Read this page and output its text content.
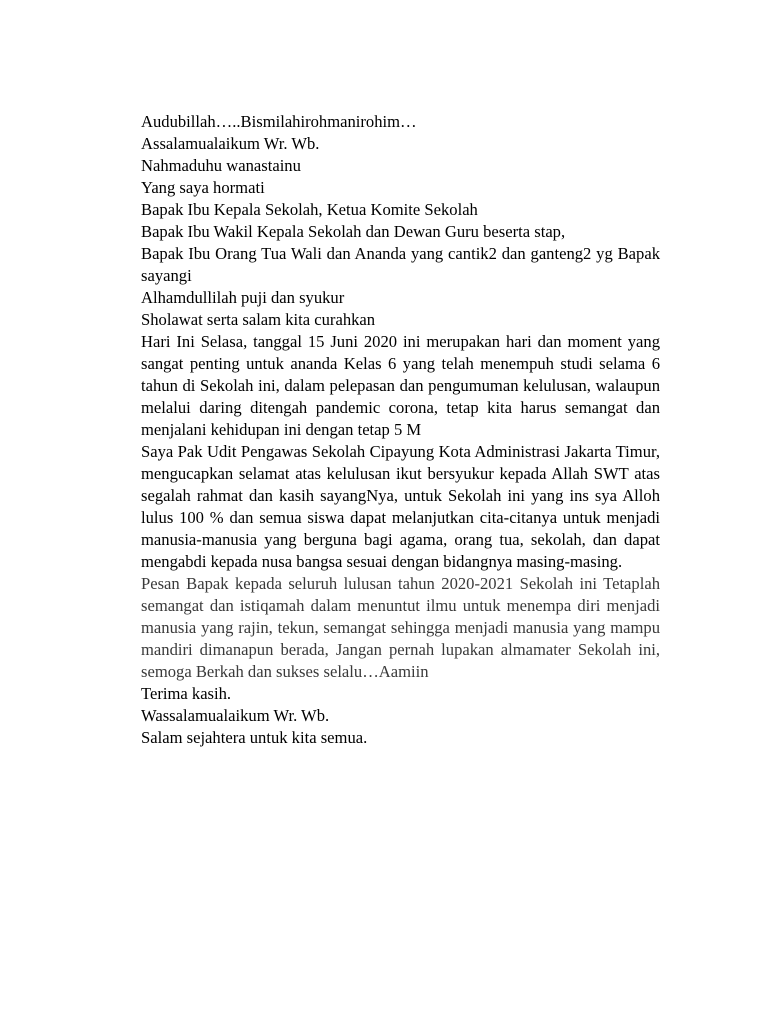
Audubillah…..Bismilahirohmanirohim…
Assalamualaikum Wr. Wb.
Nahmaduhu wanastainu
Yang saya hormati
Bapak Ibu Kepala Sekolah, Ketua Komite Sekolah
Bapak Ibu Wakil Kepala Sekolah dan Dewan Guru beserta stap,
Bapak Ibu Orang Tua Wali dan Ananda yang cantik2 dan ganteng2 yg Bapak sayangi
Alhamdullilah puji dan syukur
Sholawat serta salam kita curahkan
Hari Ini Selasa, tanggal 15 Juni 2020 ini merupakan hari dan moment yang sangat penting untuk ananda Kelas 6 yang telah menempuh studi selama 6 tahun di Sekolah ini, dalam pelepasan dan pengumuman kelulusan, walaupun melalui daring ditengah pandemic corona, tetap kita harus semangat dan menjalani kehidupan ini dengan tetap 5 M
Saya Pak Udit Pengawas Sekolah Cipayung Kota Administrasi Jakarta Timur, mengucapkan selamat atas kelulusan ikut bersyukur kepada Allah SWT atas segalah rahmat dan kasih sayangNya, untuk Sekolah ini yang ins sya Alloh lulus 100 % dan semua siswa dapat melanjutkan cita-citanya untuk menjadi manusia-manusia yang berguna bagi agama, orang tua, sekolah, dan dapat mengabdi kepada nusa bangsa sesuai dengan bidangnya masing-masing.
Pesan Bapak kepada seluruh lulusan tahun 2020-2021 Sekolah ini Tetaplah semangat dan istiqamah dalam menuntut ilmu untuk menempa diri menjadi manusia yang rajin, tekun, semangat sehingga menjadi manusia yang mampu mandiri dimanapun berada, Jangan pernah lupakan almamater Sekolah ini, semoga Berkah dan sukses selalu…Aamiin
Terima kasih.
Wassalamualaikum Wr. Wb.
Salam sejahtera untuk kita semua.
